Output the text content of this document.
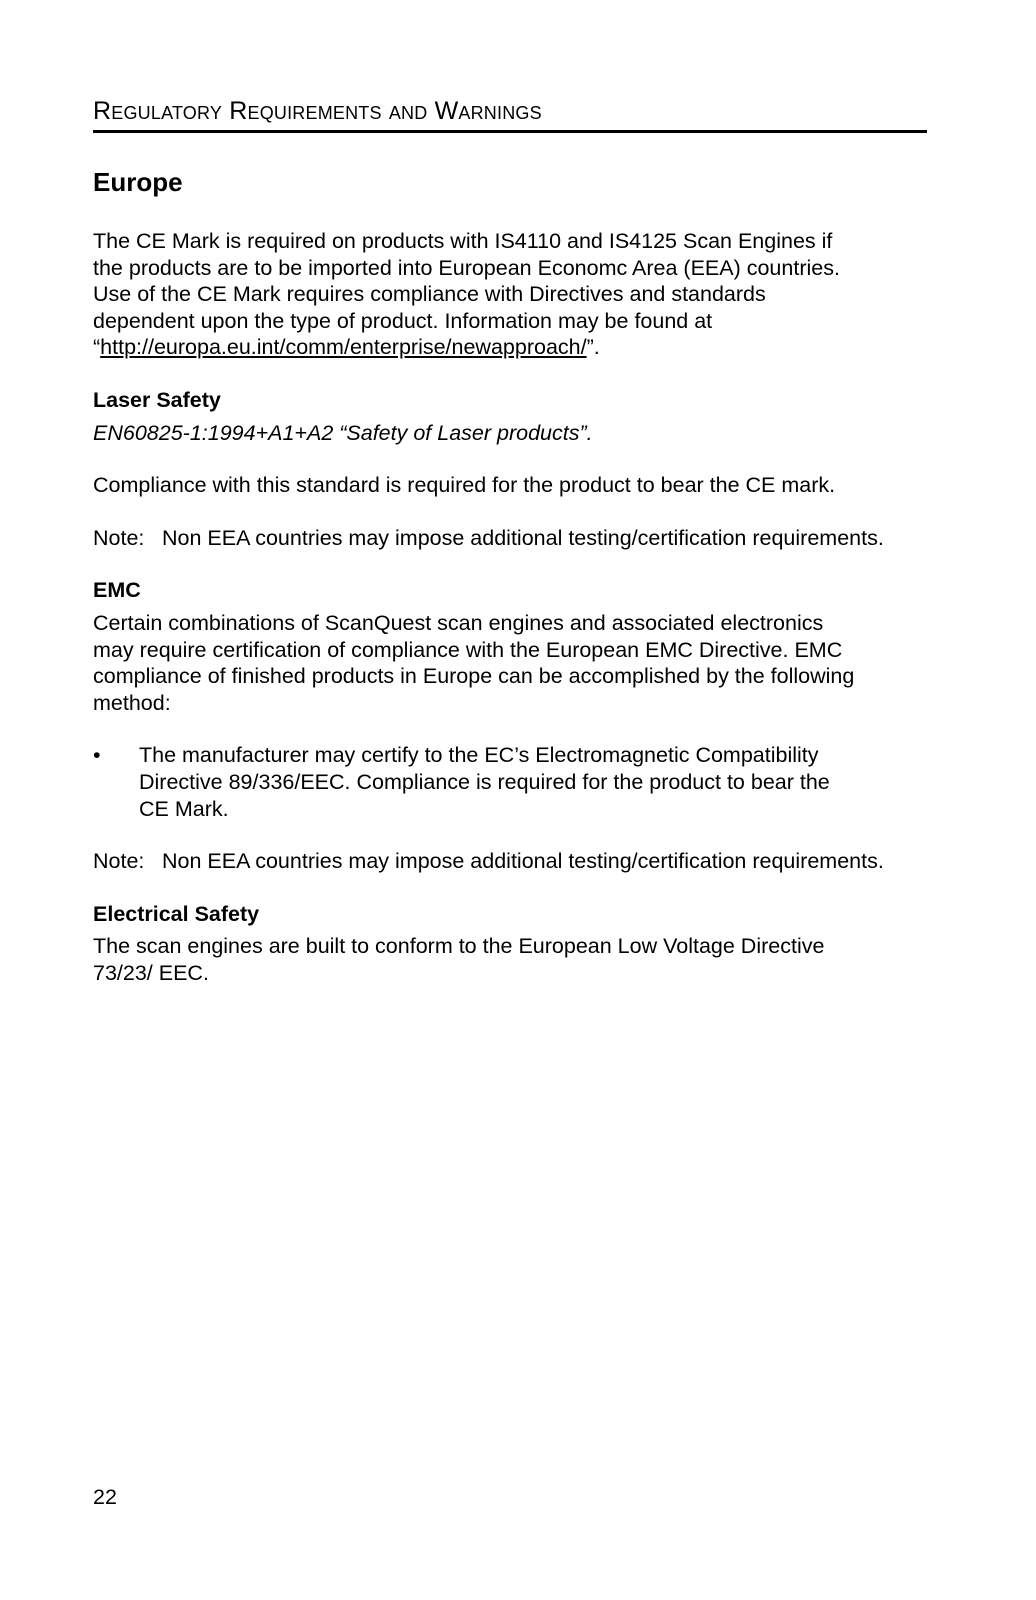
Regulatory Requirements and Warnings
Europe

The CE Mark is required on products with IS4110 and IS4125 Scan Engines if
the products are to be imported into European Economc Area (EEA) countries.
Use of the CE Mark requires compliance with Directives and standards
dependent upon the type of product. Information may be found at
“http://europa.eu.int/comm/enterprise/newapproach/”.

Laser Safety

EN60825-1:1994+A1+A2 “Safety of Laser products”.

Compliance with this standard is required for the product to bear the CE mark.

Note: Non EEA countries may impose additional testing/certification requirements.
EMC

Certain combinations of ScanQuest scan engines and associated electronics
may require certification of compliance with the European EMC Directive. EMC
compliance of finished products in Europe can be accomplished by the following
method:

•	The manufacturer may certify to the EC’s Electromagnetic Compatibility
Directive 89/336/EEC. Compliance is required for the product to bear the
CE Mark.
Note: Non EEA countries may impose additional testing/certification requirements.
Electrical Safety

The scan engines are built to conform to the European Low Voltage Directive
73/23/ EEC.

22
